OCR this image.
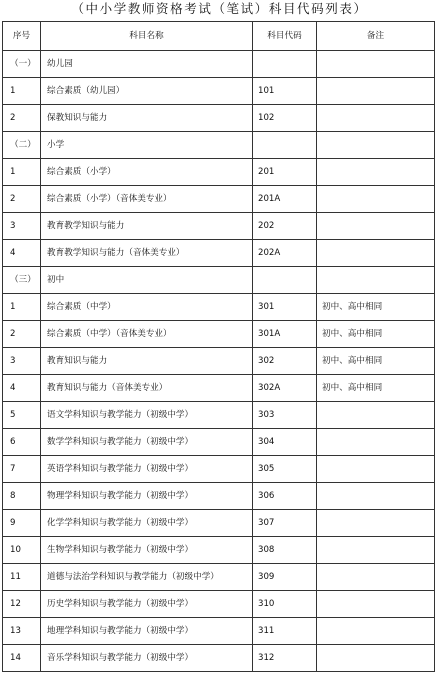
（中小学教师资格考试（笔试）科目代码列表）
序号	科目名称	科目代码	备注
（一）	幼儿园		
1	综合素质（幼儿园）	101	
2	保教知识与能力	102	
（二）	小学		
1	综合素质（小学）	201	
2	综合素质（小学）（音体美专业）	201A	
3	教育教学知识与能力	202	
4	教育教学知识与能力（音体美专业）	202A	
（三）	初中		
1	综合素质（中学）	301	初中、高中相同
2	综合素质（中学）（音体美专业）	301A	初中、高中相同
3	教育知识与能力	302	初中、高中相同
4	教育知识与能力（音体美专业）	302A	初中、高中相同
5	语文学科知识与教学能力（初级中学）	303	
6	数学学科知识与教学能力（初级中学）	304	
7	英语学科知识与教学能力（初级中学）	305	
8	物理学科知识与教学能力（初级中学）	306	
9	化学学科知识与教学能力（初级中学）	307	
10	生物学科知识与教学能力（初级中学）	308	
11	道德与法治学科知识与教学能力（初级中学）	309	
12	历史学科知识与教学能力（初级中学）	310	
13	地理学科知识与教学能力（初级中学）	311	
14	音乐学科知识与教学能力（初级中学）	312	
